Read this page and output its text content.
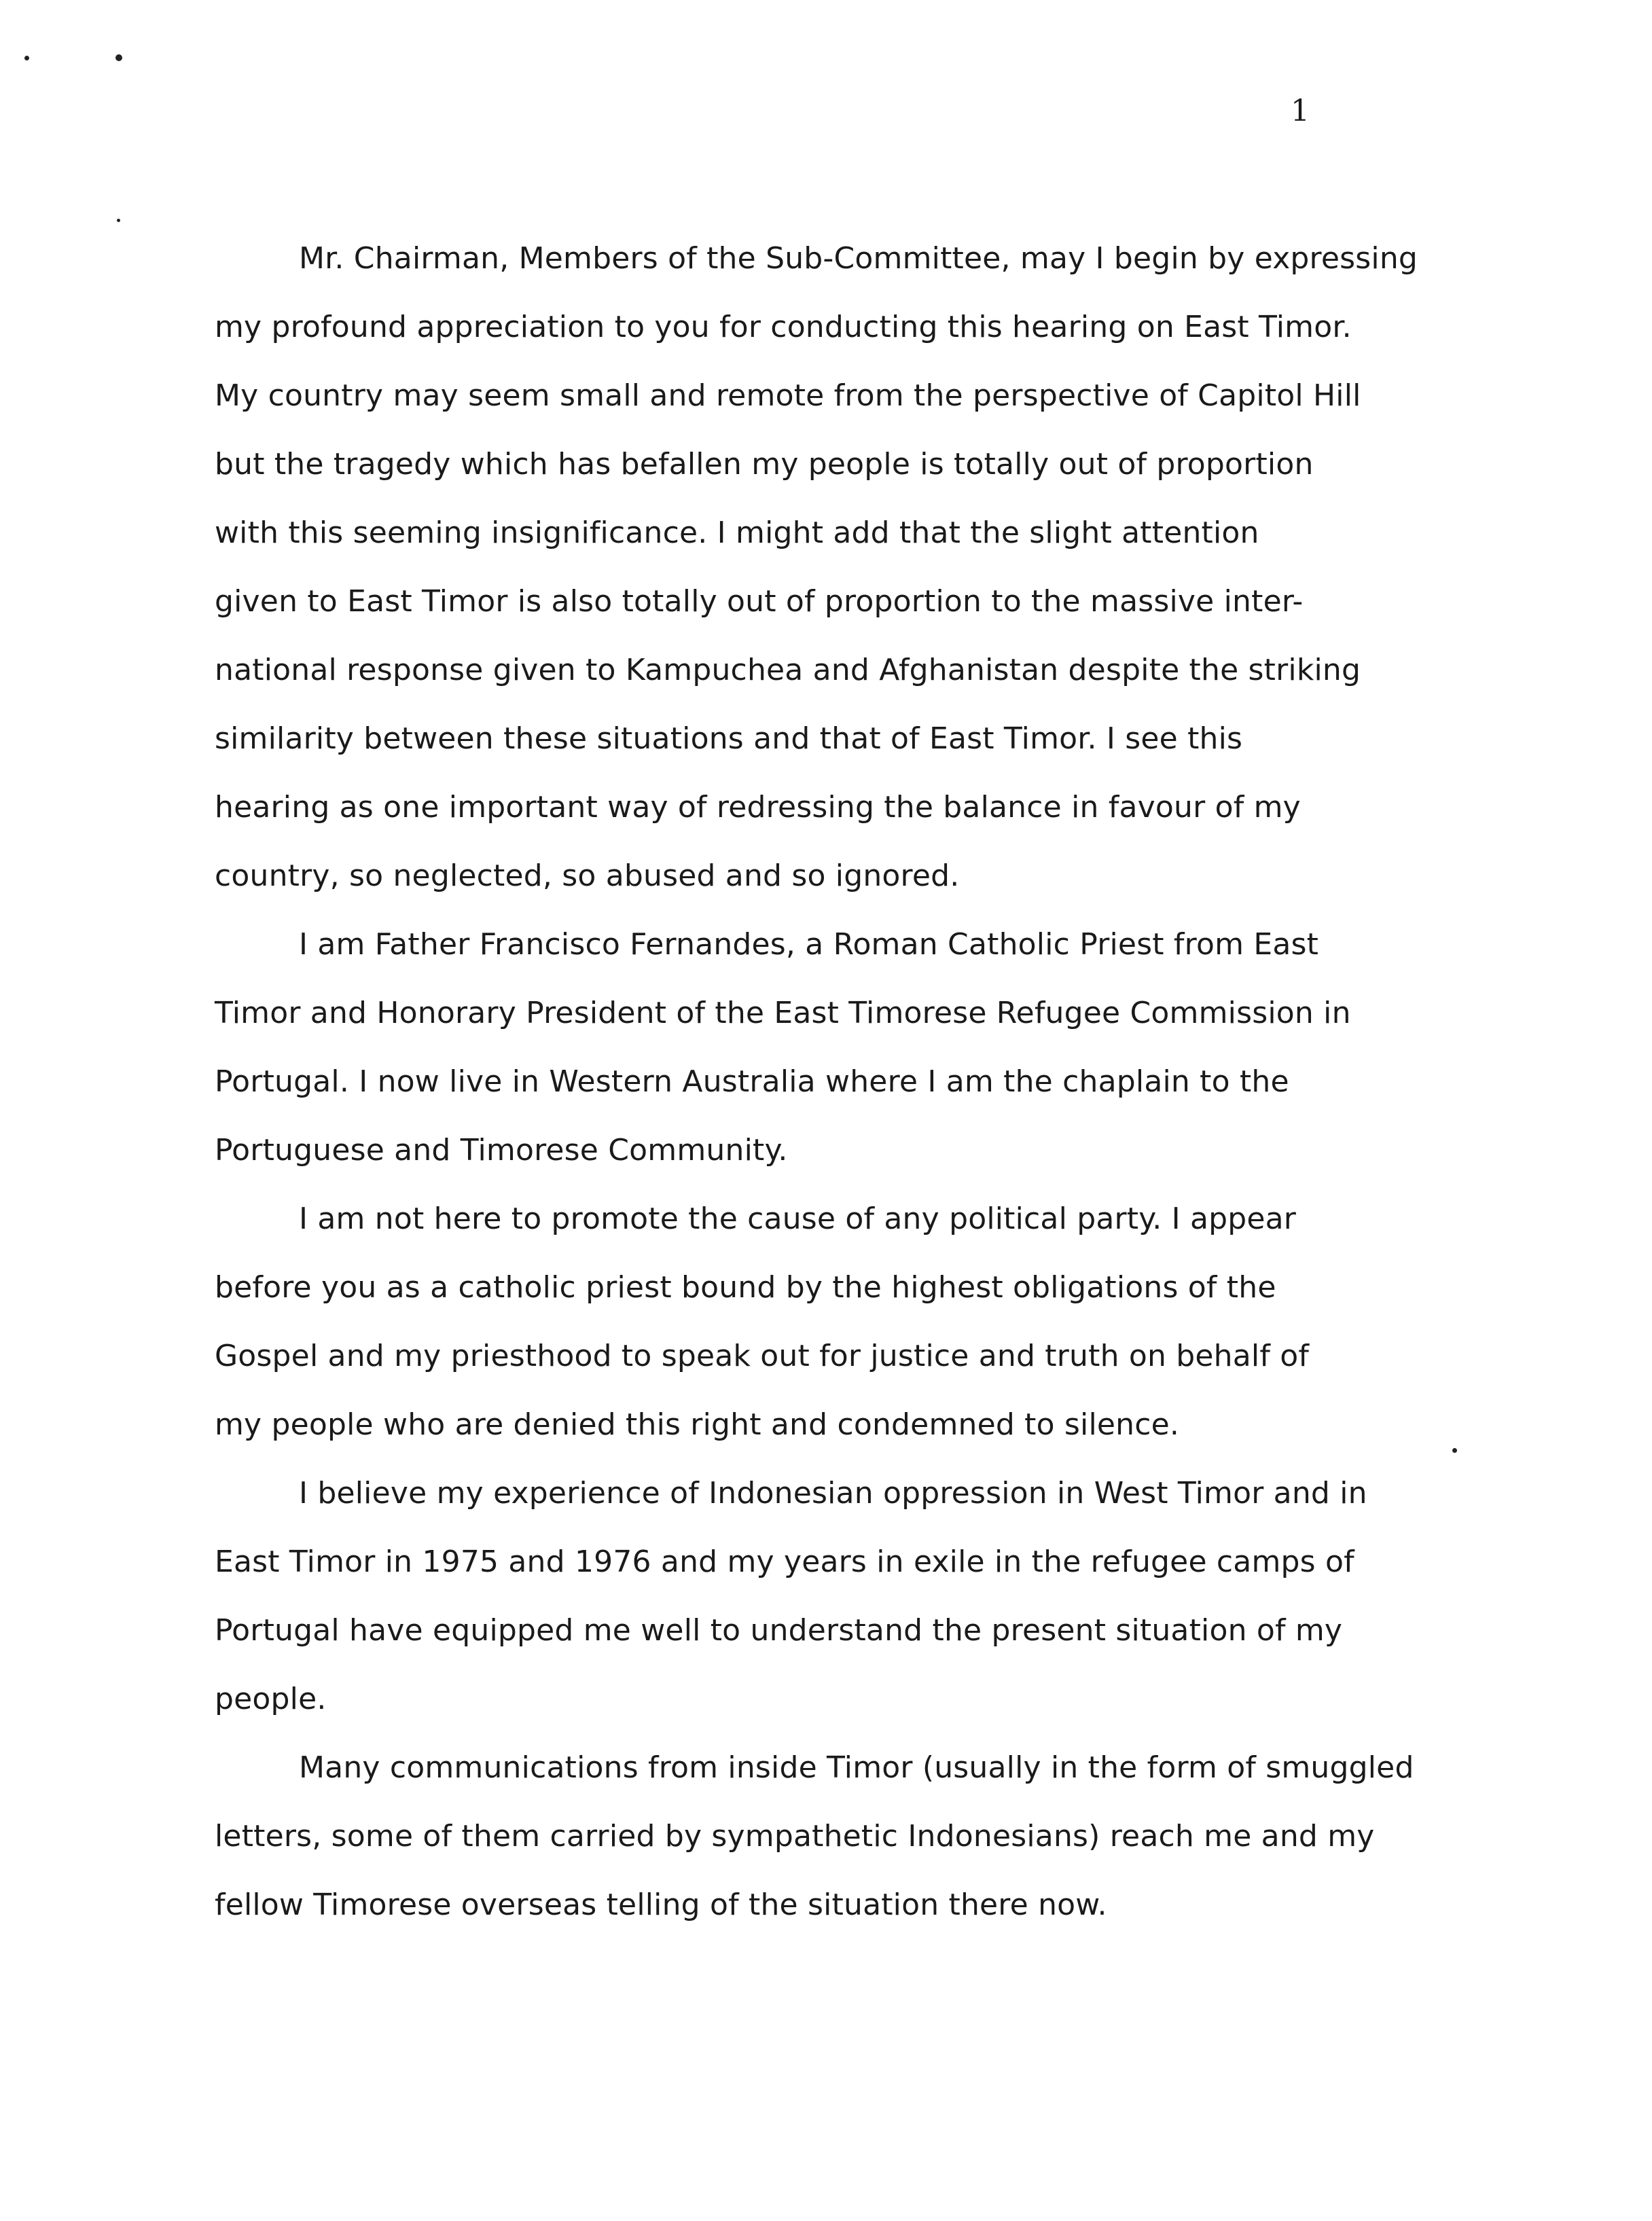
1

Mr. Chairman, Members of the Sub-Committee, may I begin by expressing
my profound appreciation to you for conducting this hearing on East Timor.
My country may seem small and remote from the perspective of Capitol Hill
but the tragedy which has befallen my people is totally out of proportion
with this seeming insignificance. I might add that the slight attention
given to East Timor is also totally out of proportion to the massive inter-
national response given to Kampuchea and Afghanistan despite the striking
similarity between these situations and that of East Timor. I see this
hearing as one important way of redressing the balance in favour of my
country, so neglected, so abused and so ignored.

I am Father Francisco Fernandes, a Roman Catholic Priest from East
Timor and Honorary President of the East Timorese Refugee Commission in
Portugal. I now live in Western Australia where I am the chaplain to the
Portuguese and Timorese Community.

I am not here to promote the cause of any political party. I appear
before you as a catholic priest bound by the highest obligations of the
Gospel and my priesthood to speak out for justice and truth on behalf of
my people who are denied this right and condemned to silence.

I believe my experience of Indonesian oppression in West Timor and in
East Timor in 1975 and 1976 and my years in exile in the refugee camps of
Portugal have equipped me well to understand the present situation of my
people.

Many communications from inside Timor (usually in the form of smuggled
letters, some of them carried by sympathetic Indonesians) reach me and my
fellow Timorese overseas telling of the situation there now.
